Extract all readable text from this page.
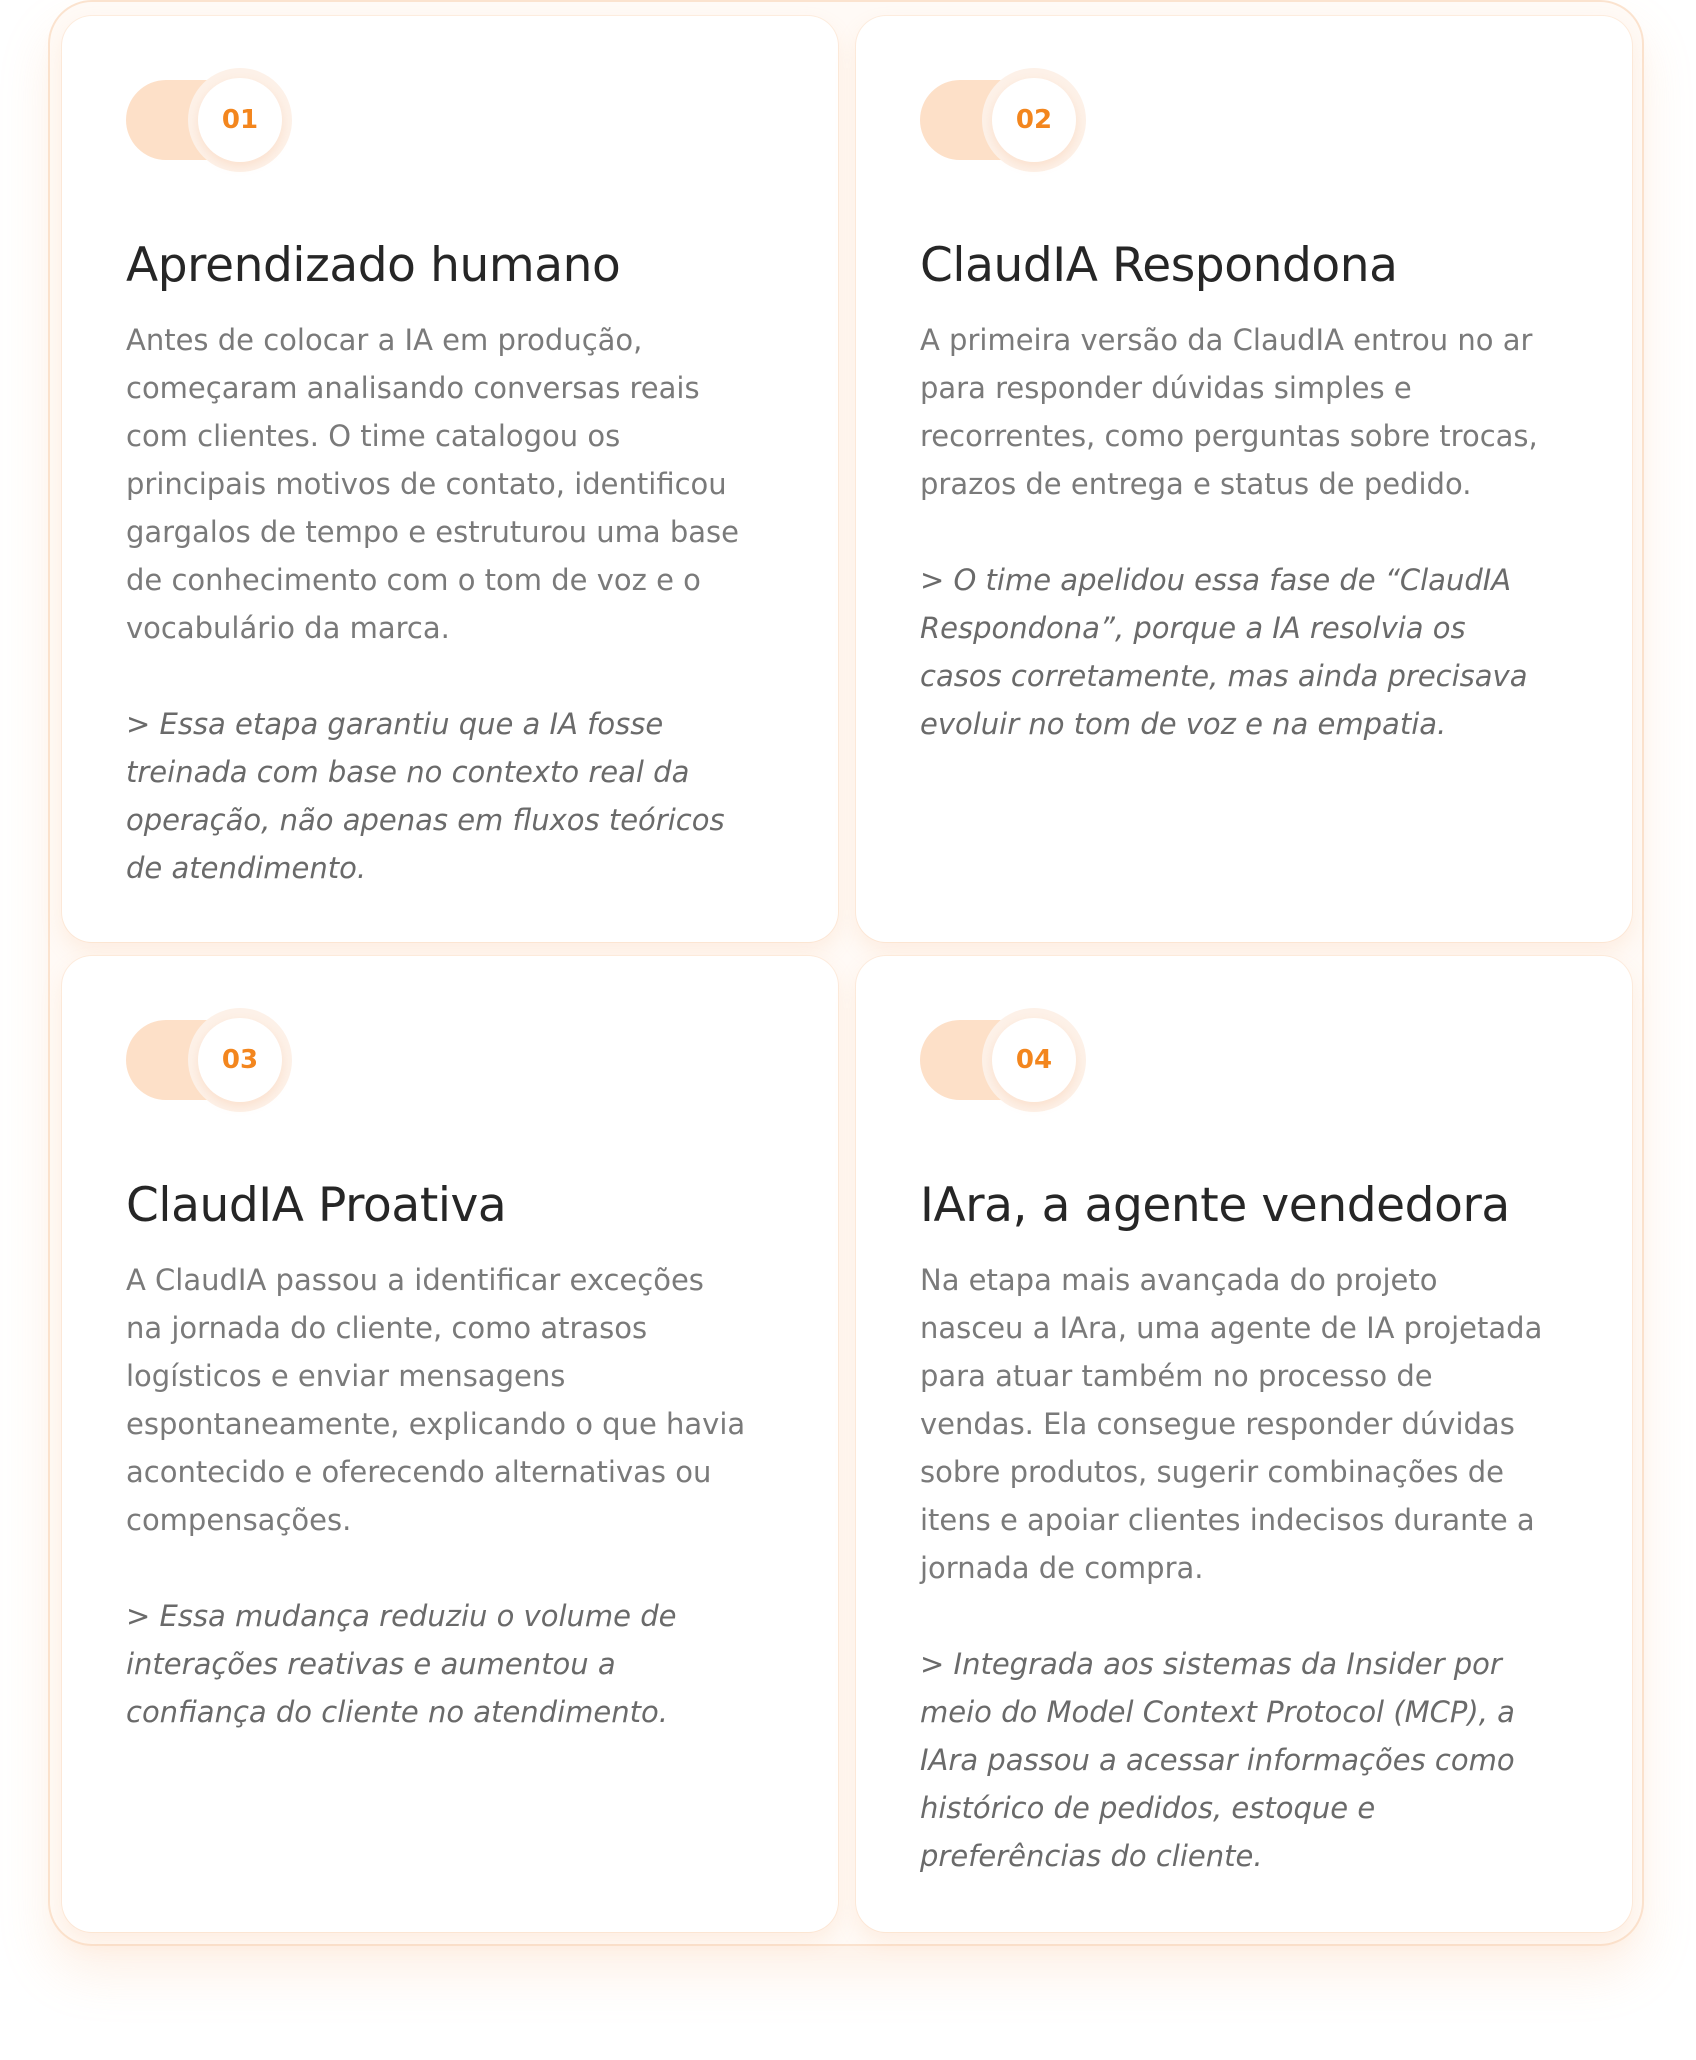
01
Aprendizado humano

Antes de colocar a IA em produção,
começaram analisando conversas reais
com clientes. O time catalogou os
principais motivos de contato, identificou
gargalos de tempo e estruturou uma base
de conhecimento com o tom de voz e o
vocabulário da marca.

> Essa etapa garantiu que a IA fosse
treinada com base no contexto real da
operação, não apenas em fluxos teóricos
de atendimento.

02
ClaudIA Respondona

A primeira versão da ClaudIA entrou no ar
para responder dúvidas simples e
recorrentes, como perguntas sobre trocas,
prazos de entrega e status de pedido.

> O time apelidou essa fase de “ClaudIA
Respondona”, porque a IA resolvia os
casos corretamente, mas ainda precisava
evoluir no tom de voz e na empatia.

03
ClaudIA Proativa

A ClaudIA passou a identificar exceções
na jornada do cliente, como atrasos
logísticos e enviar mensagens
espontaneamente, explicando o que havia
acontecido e oferecendo alternativas ou
compensações.

> Essa mudança reduziu o volume de
interações reativas e aumentou a
confiança do cliente no atendimento.

04
IAra, a agente vendedora

Na etapa mais avançada do projeto
nasceu a IAra, uma agente de IA projetada
para atuar também no processo de
vendas. Ela consegue responder dúvidas
sobre produtos, sugerir combinações de
itens e apoiar clientes indecisos durante a
jornada de compra.

> Integrada aos sistemas da Insider por
meio do Model Context Protocol (MCP), a
IAra passou a acessar informações como
histórico de pedidos, estoque e
preferências do cliente.
